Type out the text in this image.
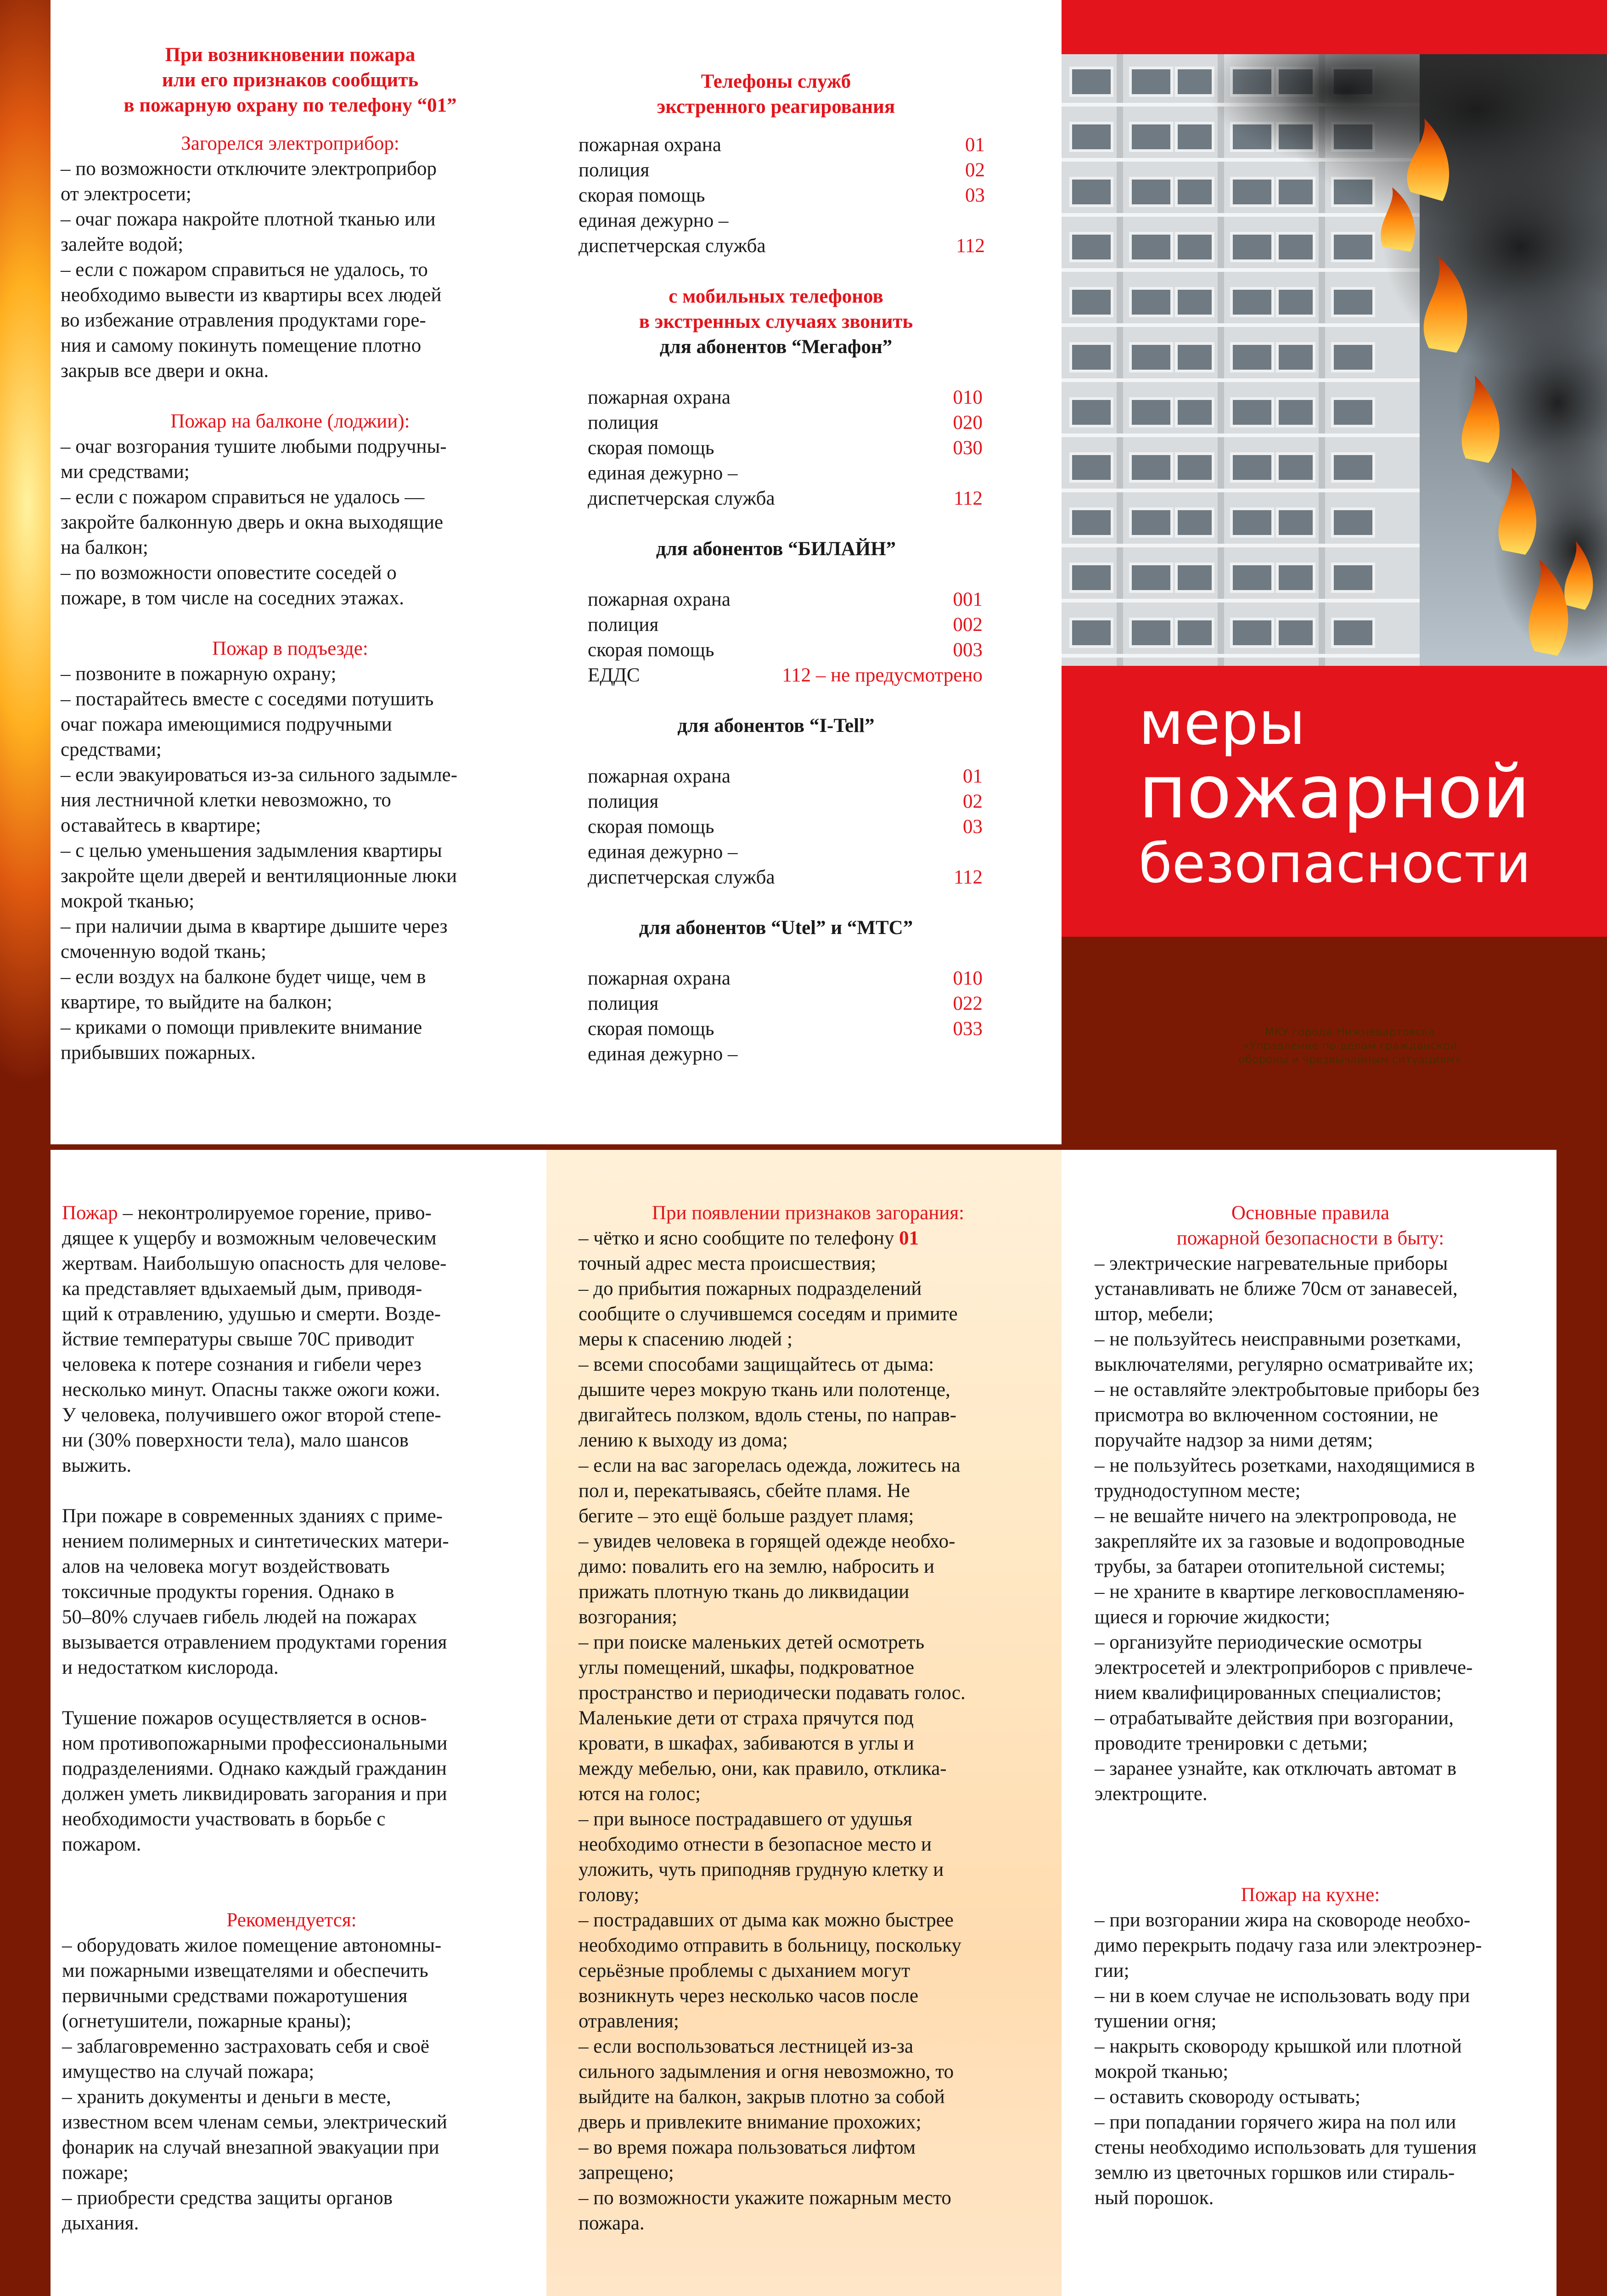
При возникновении пожара
или его признаков сообщить
в пожарную охрану по телефону “01”
Загорелся электроприбор:
– по возможности отключите электроприбор
от электросети;
– очаг пожара накройте плотной тканью или
залейте водой;
– если с пожаром справиться не удалось, то
необходимо вывести из квартиры всех людей
во избежание отравления продуктами горе-
ния и самому покинуть помещение плотно
закрыв все двери и окна.
Пожар на балконе (лоджии):
– очаг возгорания тушите любыми подручны-
ми средствами;
– если с пожаром справиться не удалось —
закройте балконную дверь и окна выходящие
на балкон;
– по возможности оповестите соседей о
пожаре, в том числе на соседних этажах.
Пожар в подъезде:
– позвоните в пожарную охрану;
– постарайтесь вместе с соседями потушить
очаг пожара имеющимися подручными
средствами;
– если эвакуироваться из-за сильного задымле-
ния лестничной клетки невозможно, то
оставайтесь в квартире;
– с целью уменьшения задымления квартиры
закройте щели дверей и вентиляционные люки
мокрой тканью;
– при наличии дыма в квартире дышите через
смоченную водой ткань;
– если воздух на балконе будет чище, чем в
квартире, то выйдите на балкон;
– криками о помощи привлеките внимание
прибывших пожарных.
Телефоны служб
экстренного реагирования
пожарная охрана	01
полиция	02
скорая помощь	03
единая дежурно –
диспетчерская служба	112
с мобильных телефонов
в экстренных случаях звонить
для абонентов “Мегафон”
пожарная охрана	010
полиция	020
скорая помощь	030
единая дежурно –
диспетчерская служба	112
для абонентов “БИЛАЙН”
пожарная охрана	001
полиция	002
скорая помощь	003
ЕДДС	112 – не предусмотрено
для абонентов “I-Tell”
пожарная охрана	01
полиция	02
скорая помощь	03
единая дежурно –
диспетчерская служба	112
для абонентов “Utel” и “МТС”
пожарная охрана	010
полиция	022
скорая помощь	033
единая дежурно –
меры
пожарной
безопасности
МКУ города Нижневартовска
«Управление по делам гражданской
обороны и чрезвычайным ситуациям»
Пожар – неконтролируемое горение, приво-
дящее к ущербу и возможным человеческим
жертвам. Наибольшую опасность для челове-
ка представляет вдыхаемый дым, приводя-
щий к отравлению, удушью и смерти. Возде-
йствие температуры свыше 70С приводит
человека к потере сознания и гибели через
несколько минут. Опасны также ожоги кожи.
У человека, получившего ожог второй степе-
ни (30% поверхности тела), мало шансов
выжить.
При пожаре в современных зданиях с приме-
нением полимерных и синтетических матери-
алов на человека могут воздействовать
токсичные продукты горения. Однако в
50–80% случаев гибель людей на пожарах
вызывается отравлением продуктами горения
и недостатком кислорода.
Тушение пожаров осуществляется в основ-
ном противопожарными профессиональными
подразделениями. Однако каждый гражданин
должен уметь ликвидировать загорания и при
необходимости участвовать в борьбе с
пожаром.
Рекомендуется:
– оборудовать жилое помещение автономны-
ми пожарными извещателями и обеспечить
первичными средствами пожаротушения
(огнетушители, пожарные краны);
– заблаговременно застраховать себя и своё
имущество на случай пожара;
– хранить документы и деньги в месте,
известном всем членам семьи, электрический
фонарик на случай внезапной эвакуации при
пожаре;
– приобрести средства защиты органов
дыхания.
При появлении признаков загорания:
– чётко и ясно сообщите по телефону 01
точный адрес места происшествия;
– до прибытия пожарных подразделений
сообщите о случившемся соседям и примите
меры к спасению людей ;
– всеми способами защищайтесь от дыма:
дышите через мокрую ткань или полотенце,
двигайтесь ползком, вдоль стены, по направ-
лению к выходу из дома;
– если на вас загорелась одежда, ложитесь на
пол и, перекатываясь, сбейте пламя. Не
бегите – это ещё больше раздует пламя;
– увидев человека в горящей одежде необхо-
димо: повалить его на землю, набросить и
прижать плотную ткань до ликвидации
возгорания;
– при поиске маленьких детей осмотреть
углы помещений, шкафы, подкроватное
пространство и периодически подавать голос.
Маленькие дети от страха прячутся под
кровати, в шкафах, забиваются в углы и
между мебелью, они, как правило, отклика-
ются на голос;
– при выносе пострадавшего от удушья
необходимо отнести в безопасное место и
уложить, чуть приподняв грудную клетку и
голову;
– пострадавших от дыма как можно быстрее
необходимо отправить в больницу, поскольку
серьёзные проблемы с дыханием могут
возникнуть через несколько часов после
отравления;
– если воспользоваться лестницей из-за
сильного задымления и огня невозможно, то
выйдите на балкон, закрыв плотно за собой
дверь и привлеките внимание прохожих;
– во время пожара пользоваться лифтом
запрещено;
– по возможности укажите пожарным место
пожара.
Основные правила
пожарной безопасности в быту:
– электрические нагревательные приборы
устанавливать не ближе 70см от занавесей,
штор, мебели;
– не пользуйтесь неисправными розетками,
выключателями, регулярно осматривайте их;
– не оставляйте электробытовые приборы без
присмотра во включенном состоянии, не
поручайте надзор за ними детям;
– не пользуйтесь розетками, находящимися в
труднодоступном месте;
– не вешайте ничего на электропровода, не
закрепляйте их за газовые и водопроводные
трубы, за батареи отопительной системы;
– не храните в квартире легковоспламеняю-
щиеся и горючие жидкости;
– организуйте периодические осмотры
электросетей и электроприборов с привлече-
нием квалифицированных специалистов;
– отрабатывайте действия при возгорании,
проводите тренировки с детьми;
– заранее узнайте, как отключать автомат в
электрощите.
Пожар на кухне:
– при возгорании жира на сковороде необхо-
димо перекрыть подачу газа или электроэнер-
гии;
– ни в коем случае не использовать воду при
тушении огня;
– накрыть сковороду крышкой или плотной
мокрой тканью;
– оставить сковороду остывать;
– при попадании горячего жира на пол или
стены необходимо использовать для тушения
землю из цветочных горшков или стираль-
ный порошок.
